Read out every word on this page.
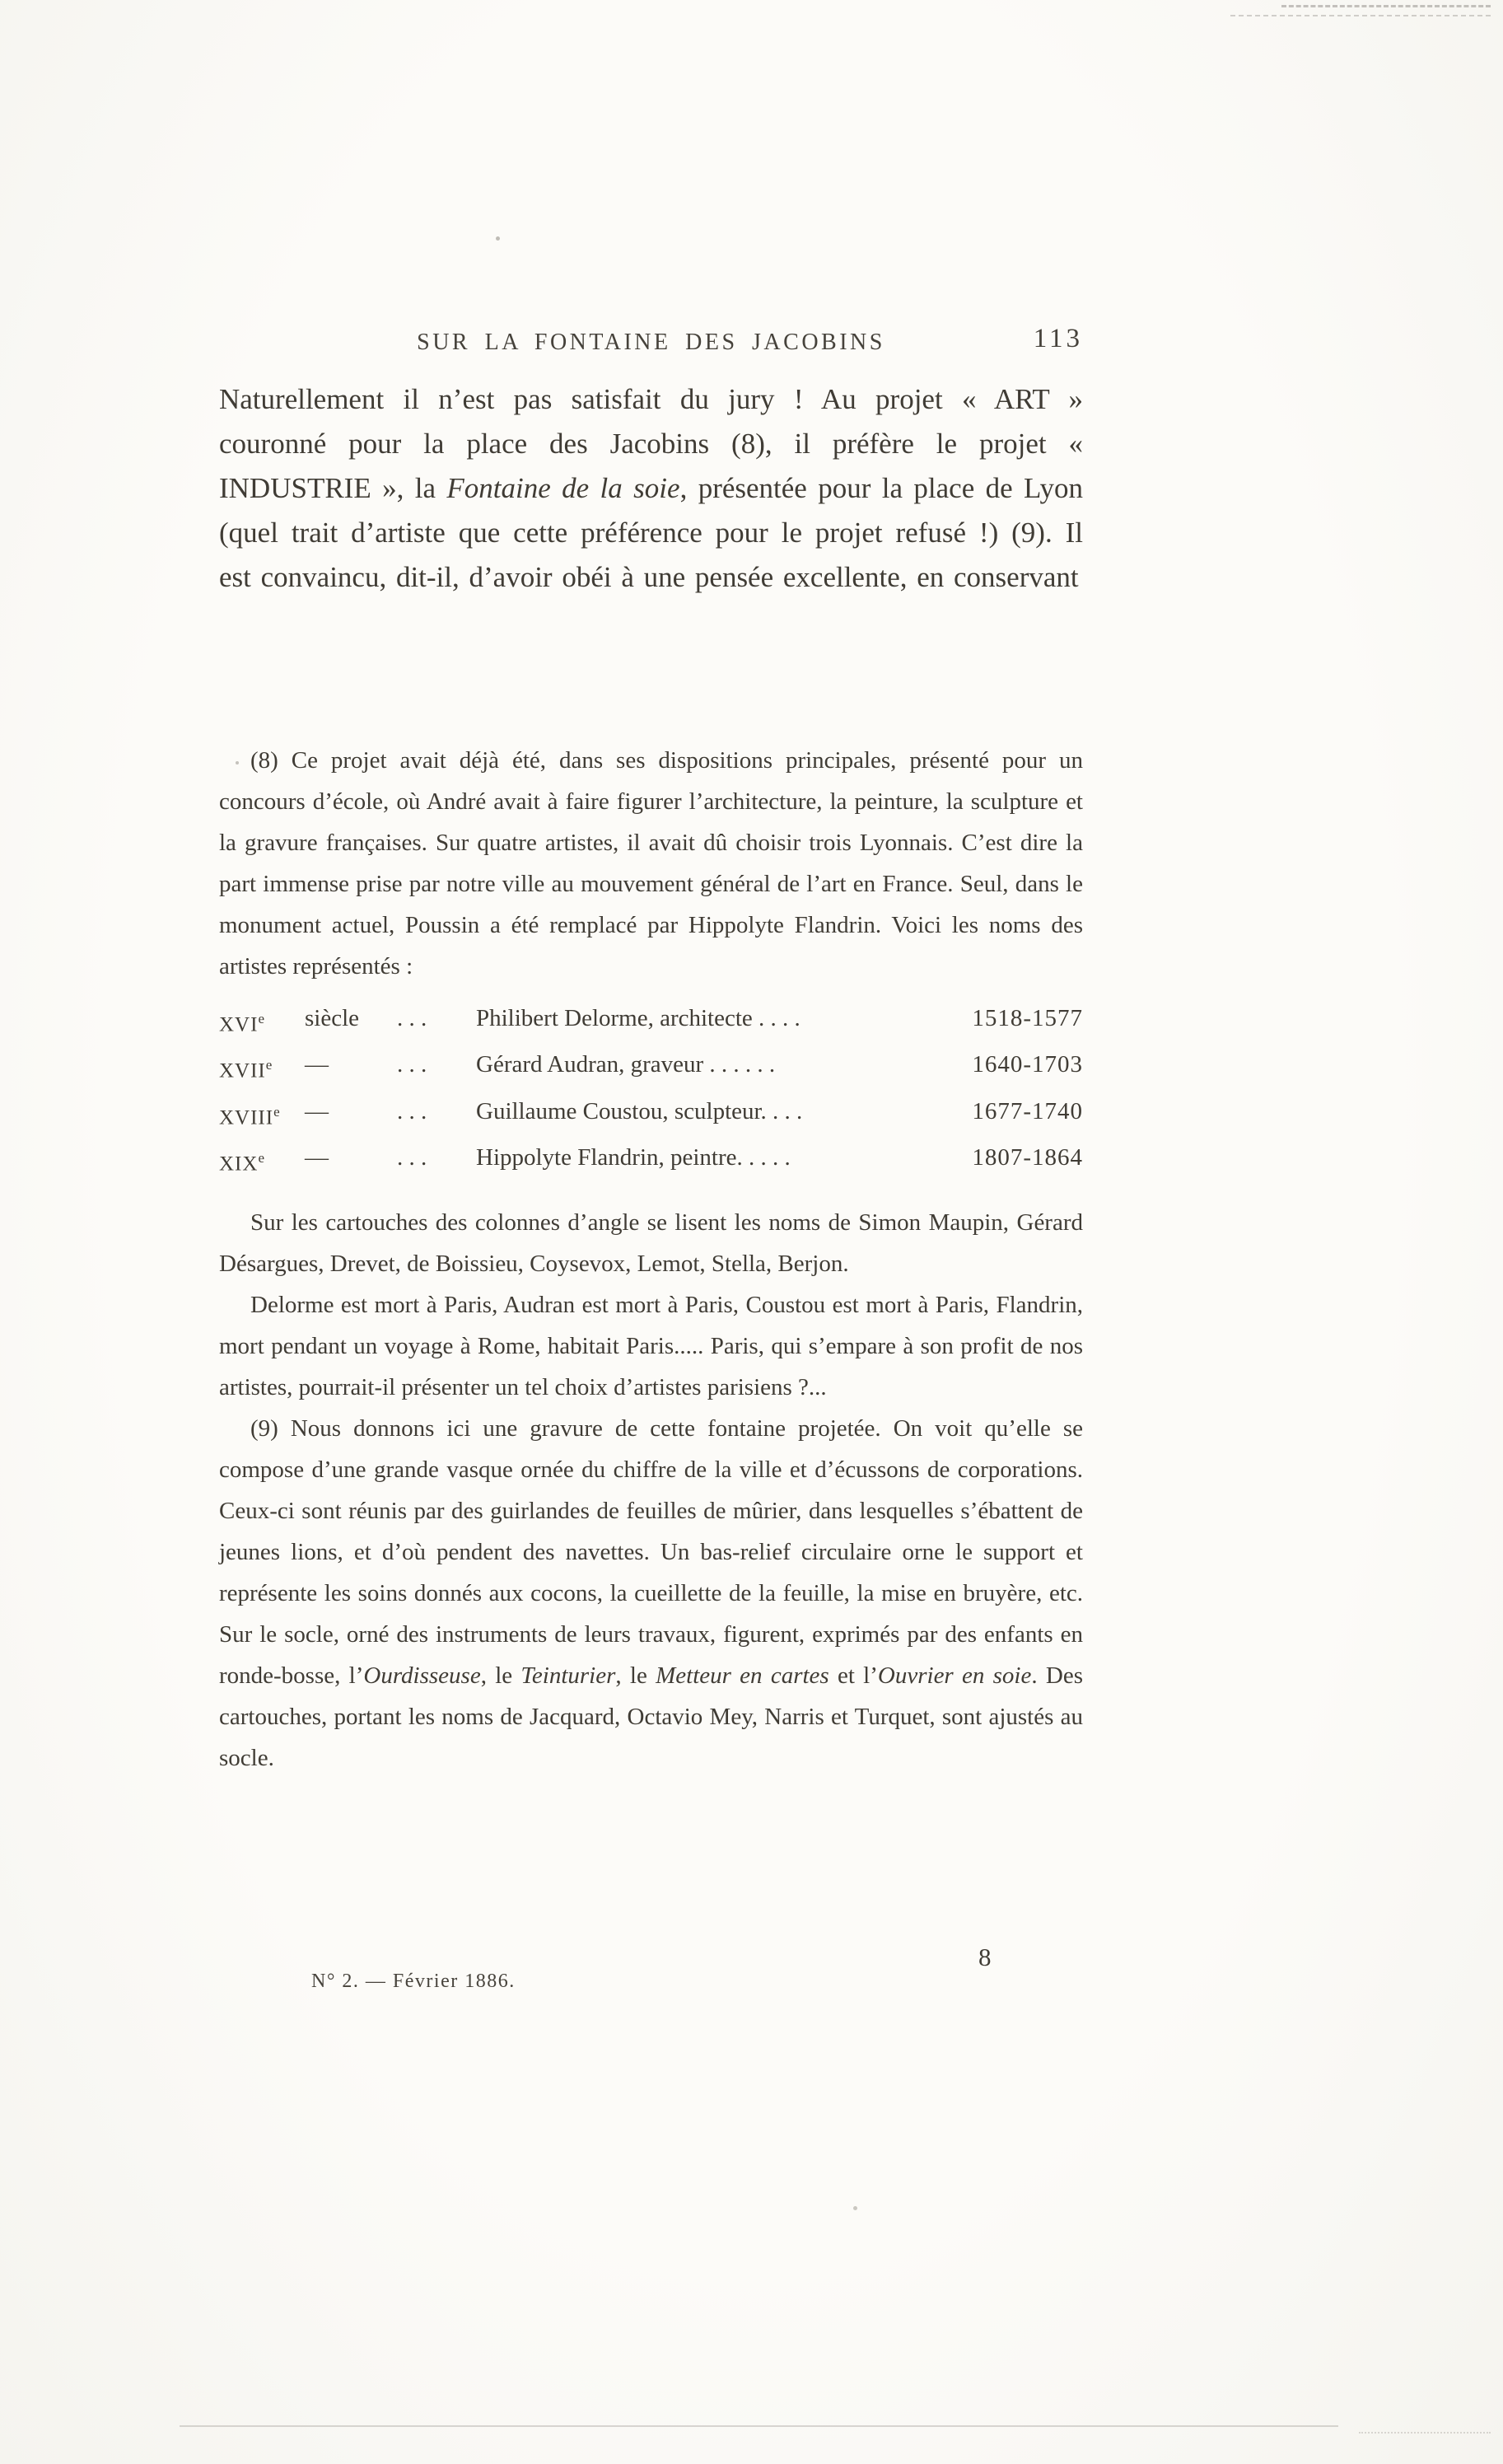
SUR LA FONTAINE DES JACOBINS	113
Naturellement il n’est pas satisfait du jury ! Au projet « ART » couronné pour la place des Jacobins (8), il préfère le projet « INDUSTRIE », la Fontaine de la soie, présentée pour la place de Lyon (quel trait d’artiste que cette préférence pour le projet refusé !) (9). Il est convaincu, dit-il, d’avoir obéi à une pensée excellente, en conservant

(8) Ce projet avait déjà été, dans ses dispositions principales, présenté pour un concours d’école, où André avait à faire figurer l’architecture, la peinture, la sculpture et la gravure françaises. Sur quatre artistes, il avait dû choisir trois Lyonnais. C’est dire la part immense prise par notre ville au mouvement général de l’art en France. Seul, dans le monument actuel, Poussin a été remplacé par Hippolyte Flandrin. Voici les noms des artistes représentés :

XVIe	siècle	. . .	Philibert Delorme, architecte . . . .	1518-1577
XVIIe	—	. . .	Gérard Audran, graveur . . . . . .	1640-1703
XVIIIe	—	. . .	Guillaume Coustou, sculpteur. . . .	1677-1740
XIXe	—	. . .	Hippolyte Flandrin, peintre. . . . .	1807-1864

Sur les cartouches des colonnes d’angle se lisent les noms de Simon Maupin, Gérard Désargues, Drevet, de Boissieu, Coysevox, Lemot, Stella, Berjon.

Delorme est mort à Paris, Audran est mort à Paris, Coustou est mort à Paris, Flandrin, mort pendant un voyage à Rome, habitait Paris..... Paris, qui s’empare à son profit de nos artistes, pourrait-il présenter un tel choix d’artistes parisiens ?...

(9) Nous donnons ici une gravure de cette fontaine projetée. On voit qu’elle se compose d’une grande vasque ornée du chiffre de la ville et d’écussons de corporations. Ceux-ci sont réunis par des guirlandes de feuilles de mûrier, dans lesquelles s’ébattent de jeunes lions, et d’où pendent des navettes. Un bas-relief circulaire orne le support et représente les soins donnés aux cocons, la cueillette de la feuille, la mise en bruyère, etc. Sur le socle, orné des instruments de leurs travaux, figurent, exprimés par des enfants en ronde-bosse, l’Ourdisseuse, le Teinturier, le Metteur en cartes et l’Ouvrier en soie. Des cartouches, portant les noms de Jacquard, Octavio Mey, Narris et Turquet, sont ajustés au socle.

N° 2. — Février 1886.
8
